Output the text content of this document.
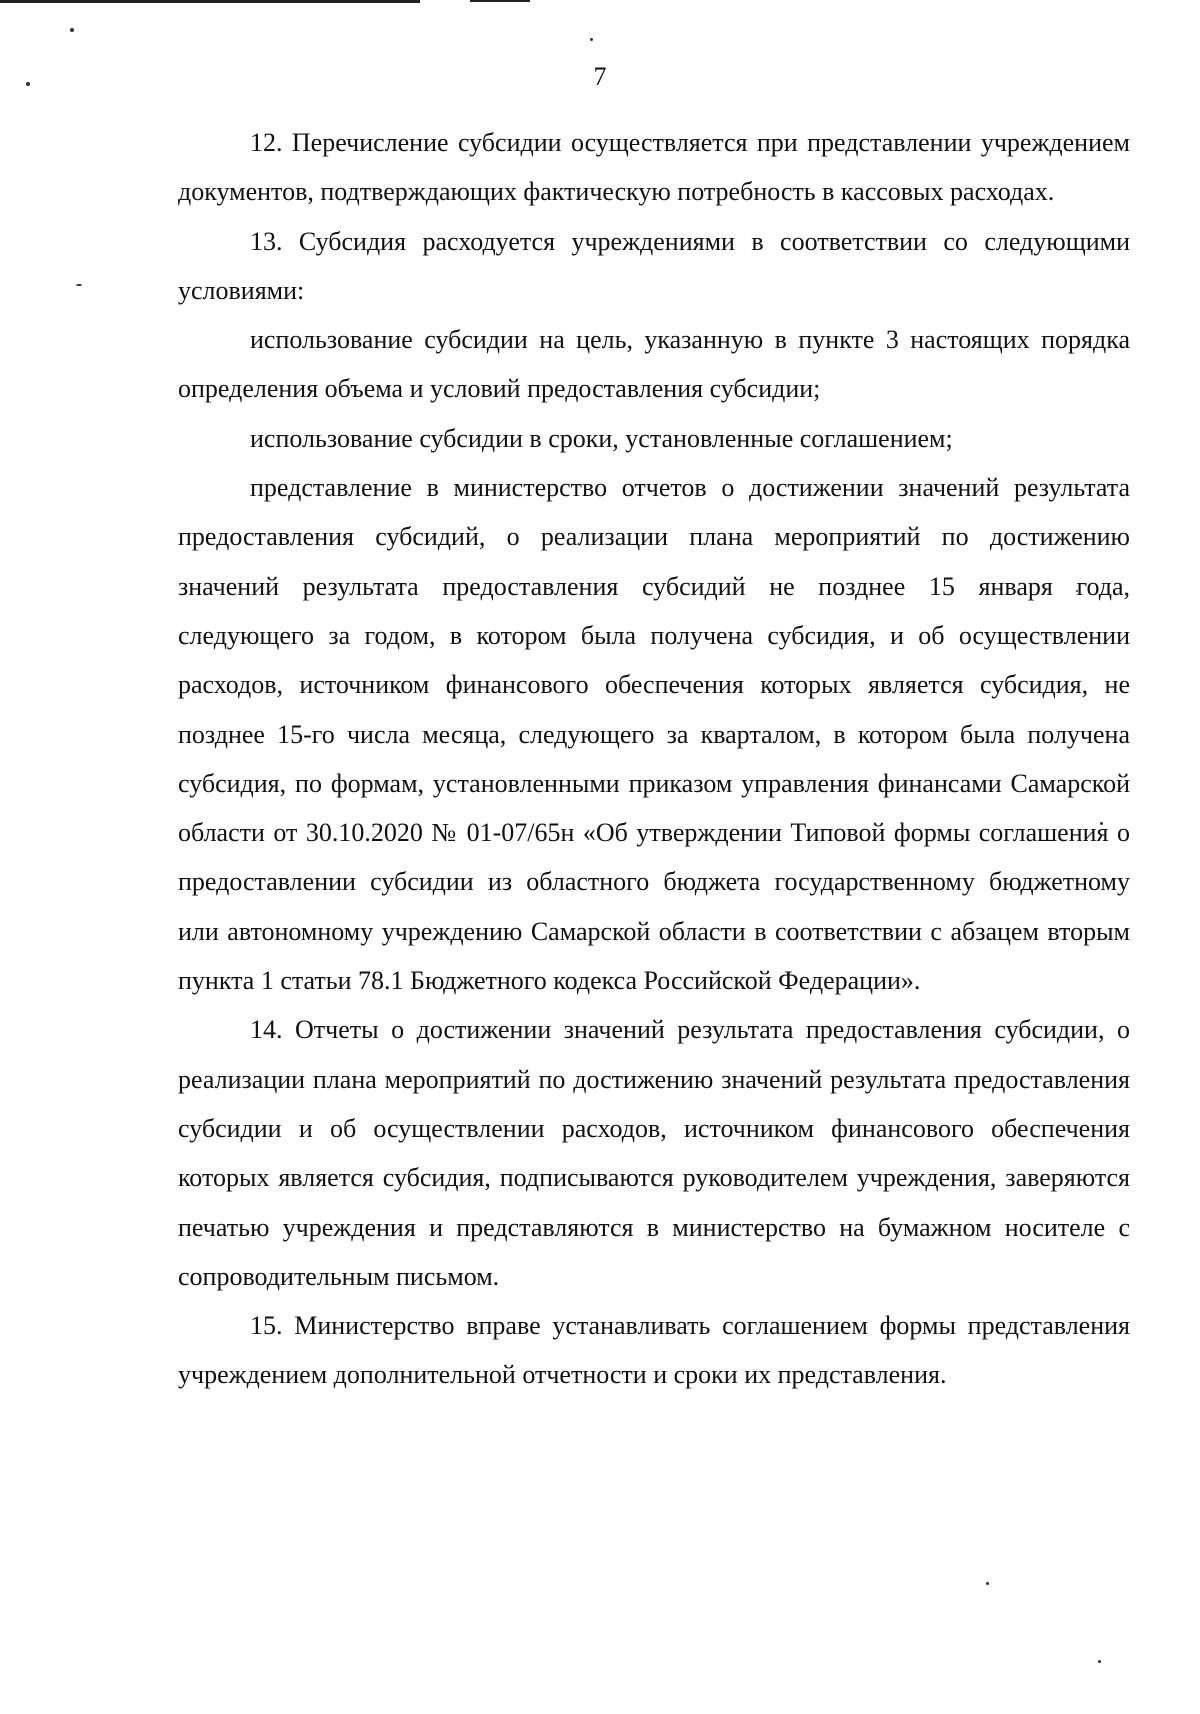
7

12. Перечисление субсидии осуществляется при представлении учреждением документов, подтверждающих фактическую потребность в кассовых расходах.

13. Субсидия расходуется учреждениями в соответствии со следующими условиями:

использование субсидии на цель, указанную в пункте 3 настоящих порядка определения объема и условий предоставления субсидии;

использование субсидии в сроки, установленные соглашением;

представление в министерство отчетов о достижении значений результата предоставления субсидий, о реализации плана мероприятий по достижению значений результата предоставления субсидий не позднее 15 января года, следующего за годом, в котором была получена субсидия, и об осуществлении расходов, источником финансового обеспечения которых является субсидия, не позднее 15-го числа месяца, следующего за кварталом, в котором была получена субсидия, по формам, установленными приказом управления финансами Самарской области от 30.10.2020 № 01-07/65н «Об утверждении Типовой формы соглашения о предоставлении субсидии из областного бюджета государственному бюджетному или автономному учреждению Самарской области в соответствии с абзацем вторым пункта 1 статьи 78.1 Бюджетного кодекса Российской Федерации».

14. Отчеты о достижении значений результата предоставления субсидии, о реализации плана мероприятий по достижению значений результата предоставления субсидии и об осуществлении расходов, источником финансового обеспечения которых является субсидия, подписываются руководителем учреждения, заверяются печатью учреждения и представляются в министерство на бумажном носителе с сопроводительным письмом.

15. Министерство вправе устанавливать соглашением формы представления учреждением дополнительной отчетности и сроки их представления.
